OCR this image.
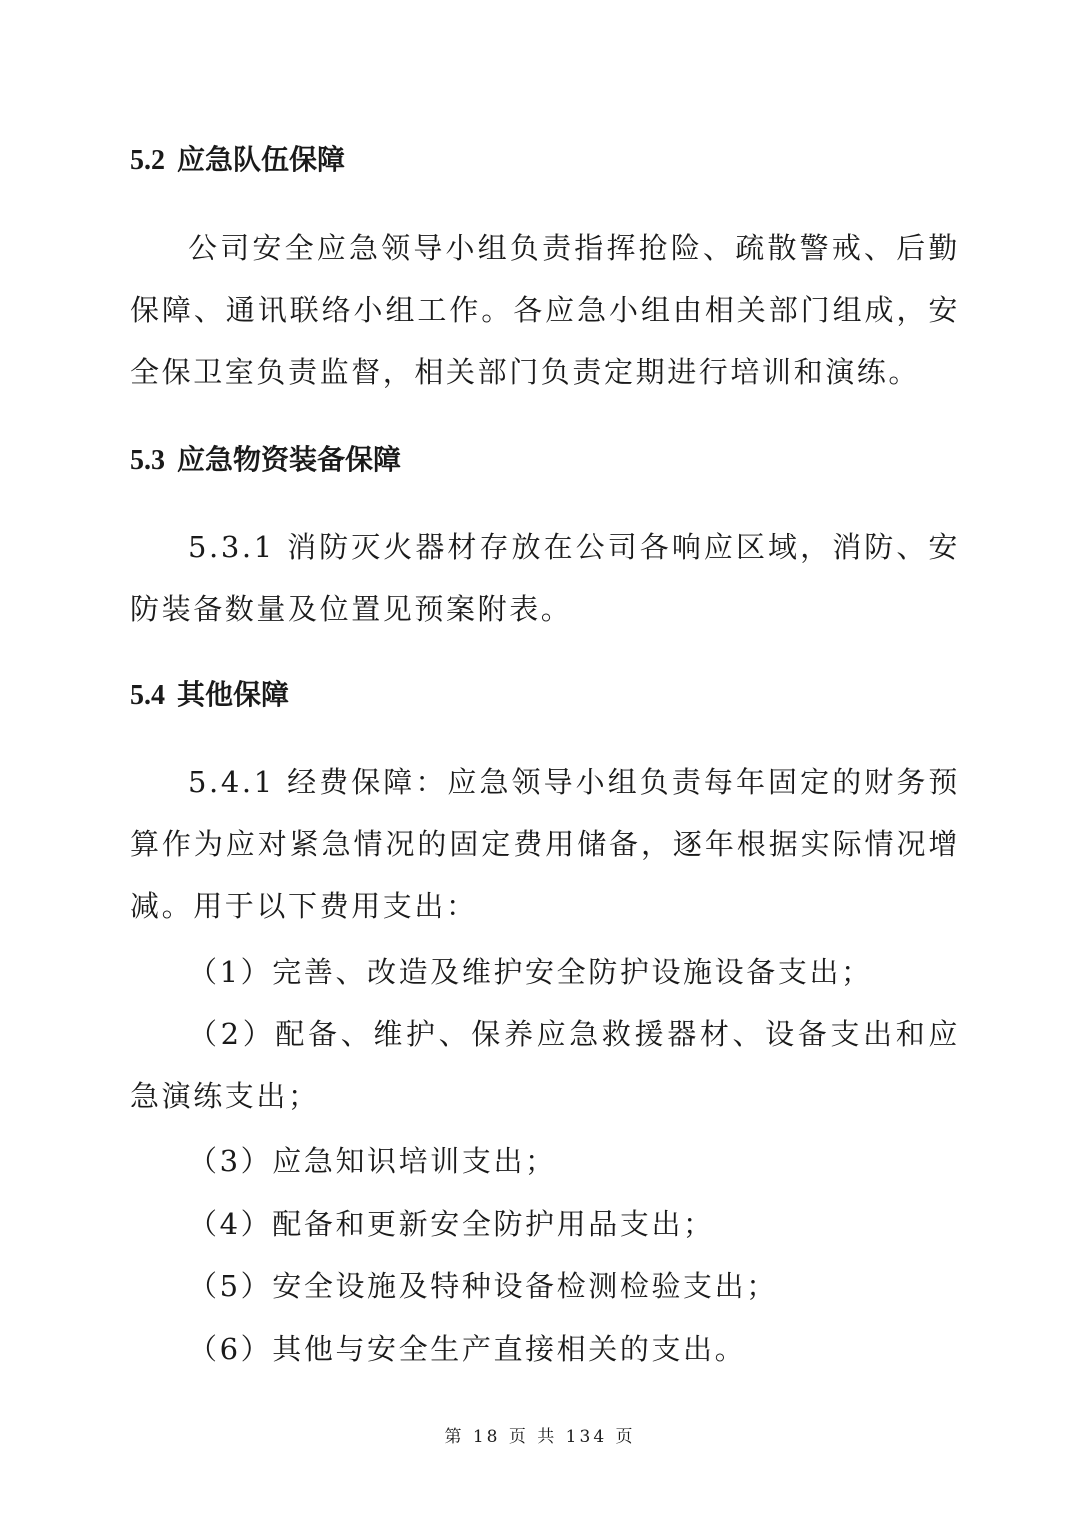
5.2 应急队伍保障
公司安全应急领导小组负责指挥抢险、疏散警戒、后勤保障、通讯联络小组工作。各应急小组由相关部门组成，安全保卫室负责监督，相关部门负责定期进行培训和演练。
5.3 应急物资装备保障
5.3.1 消防灭火器材存放在公司各响应区域，消防、安防装备数量及位置见预案附表。
5.4 其他保障
5.4.1 经费保障：应急领导小组负责每年固定的财务预算作为应对紧急情况的固定费用储备，逐年根据实际情况增减。用于以下费用支出：
（1）完善、改造及维护安全防护设施设备支出；
（2）配备、维护、保养应急救援器材、设备支出和应急演练支出；
（3）应急知识培训支出；
（4）配备和更新安全防护用品支出；
（5）安全设施及特种设备检测检验支出；
（6）其他与安全生产直接相关的支出。
第 18 页 共 134 页
